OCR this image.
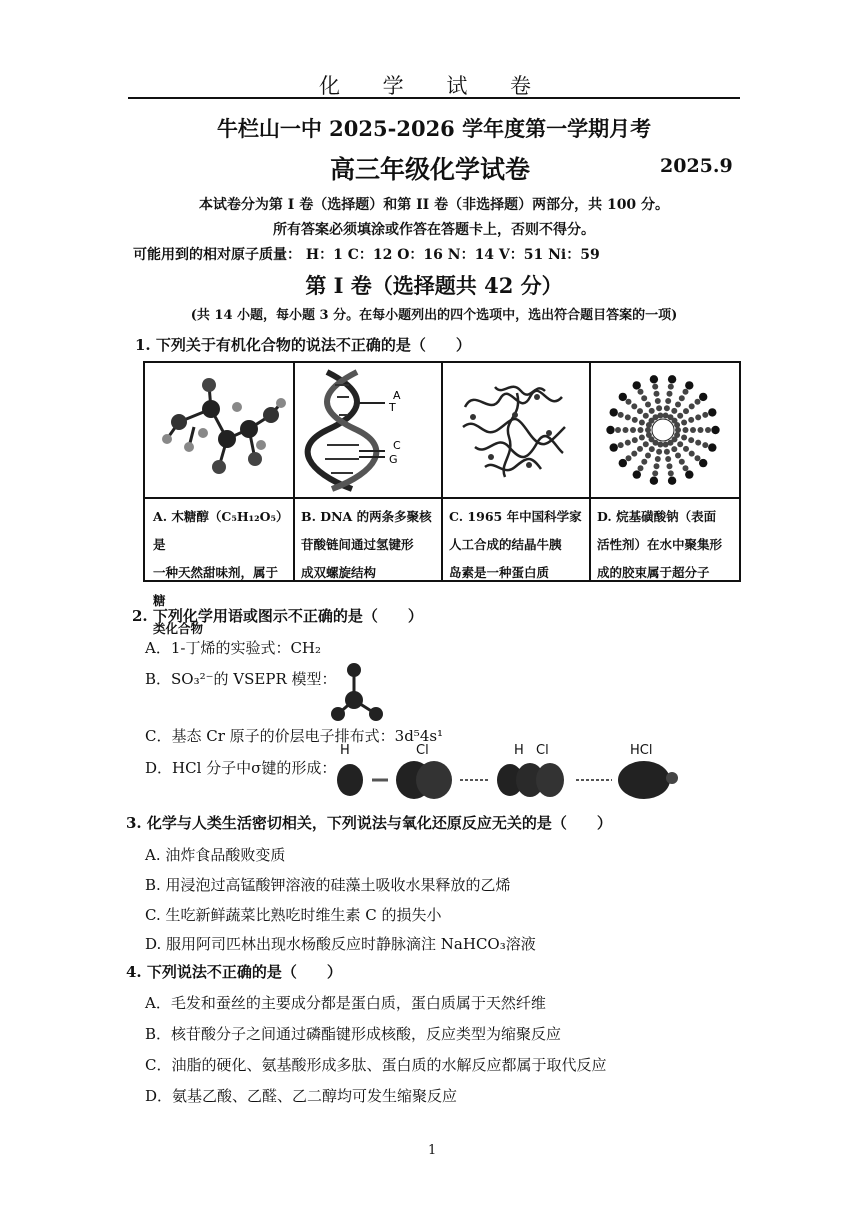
化 学 试 卷
牛栏山一中 2025-2026 学年度第一学期月考
高三年级化学试卷	2025.9
本试卷分为第 I 卷（选择题）和第 II 卷（非选择题）两部分，共 100 分。
所有答案必须填涂或作答在答题卡上，否则不得分。
可能用到的相对原子质量： H：1 C：12 O：16 N：14 V：51 Ni：59
第 I 卷（选择题共 42 分）
(共 14 小题，每小题 3 分。在每小题列出的四个选项中，选出符合题目答案的一项)
1. 下列关于有机化合物的说法不正确的是（　　）
A
T
C
G
A. 木糖醇（C₅H₁₂O₅）是
一种天然甜味剂，属于糖
类化合物
B. DNA 的两条多聚核
苷酸链间通过氢键形
成双螺旋结构
C. 1965 年中国科学家
人工合成的结晶牛胰
岛素是一种蛋白质
D. 烷基磺酸钠（表面
活性剂）在水中聚集形
成的胶束属于超分子
2. 下列化学用语或图示不正确的是（　　）
A．1-丁烯的实验式：CH₂
B．SO₃²⁻的 VSEPR 模型：
C．基态 Cr 原子的价层电子排布式：3d⁵4s¹
D．HCl 分子中σ键的形成：
H	Cl	H Cl	HCl
3. 化学与人类生活密切相关，下列说法与氧化还原反应无关的是（　　）
A. 油炸食品酸败变质
B. 用浸泡过高锰酸钾溶液的硅藻土吸收水果释放的乙烯
C. 生吃新鲜蔬菜比熟吃时维生素 C 的损失小
D. 服用阿司匹林出现水杨酸反应时静脉滴注 NaHCO₃溶液
4. 下列说法不正确的是（　　）
A．毛发和蚕丝的主要成分都是蛋白质，蛋白质属于天然纤维
B．核苷酸分子之间通过磷酯键形成核酸，反应类型为缩聚反应
C．油脂的硬化、氨基酸形成多肽、蛋白质的水解反应都属于取代反应
D．氨基乙酸、乙醛、乙二醇均可发生缩聚反应
1
